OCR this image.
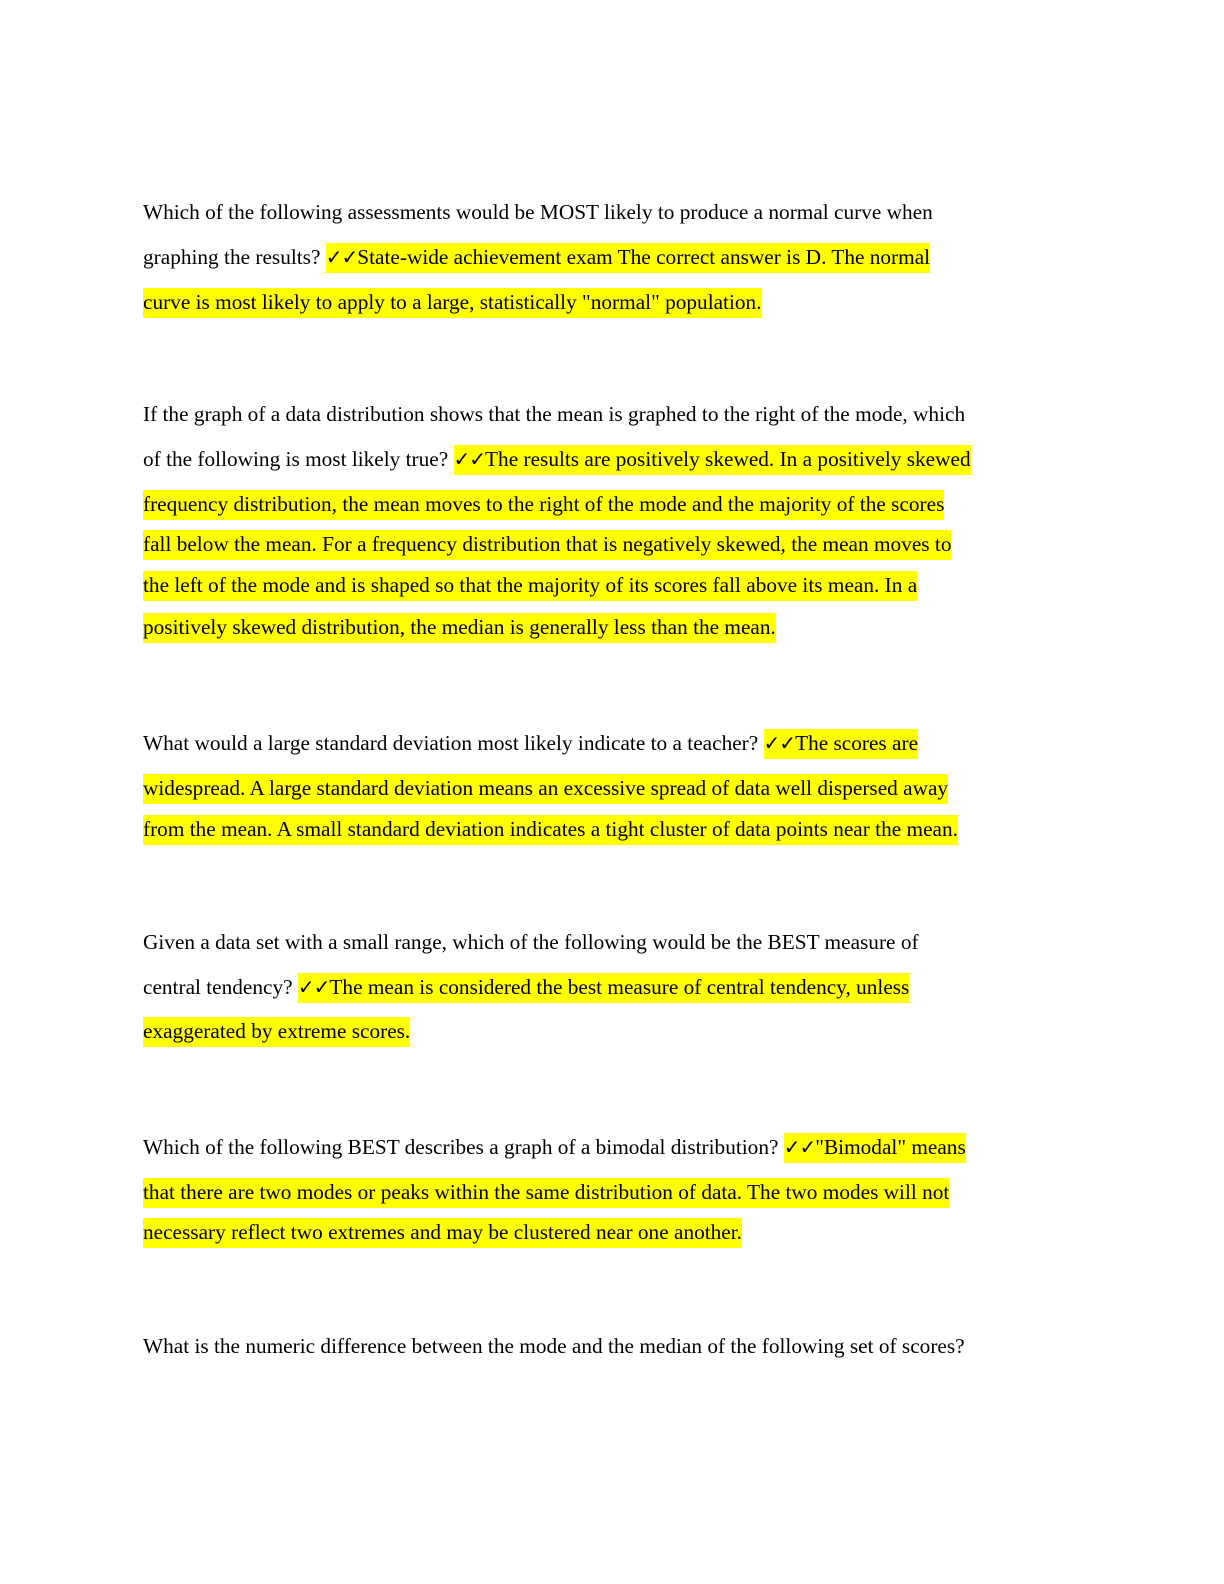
Which of the following assessments would be MOST likely to produce a normal curve when
graphing the results? ✓✓State-wide achievement exam The correct answer is D. The normal
curve is most likely to apply to a large, statistically "normal" population.
If the graph of a data distribution shows that the mean is graphed to the right of the mode, which
of the following is most likely true? ✓✓The results are positively skewed. In a positively skewed
frequency distribution, the mean moves to the right of the mode and the majority of the scores
fall below the mean. For a frequency distribution that is negatively skewed, the mean moves to
the left of the mode and is shaped so that the majority of its scores fall above its mean. In a
positively skewed distribution, the median is generally less than the mean.
What would a large standard deviation most likely indicate to a teacher? ✓✓The scores are
widespread. A large standard deviation means an excessive spread of data well dispersed away
from the mean. A small standard deviation indicates a tight cluster of data points near the mean.
Given a data set with a small range, which of the following would be the BEST measure of
central tendency? ✓✓The mean is considered the best measure of central tendency, unless
exaggerated by extreme scores.
Which of the following BEST describes a graph of a bimodal distribution? ✓✓"Bimodal" means
that there are two modes or peaks within the same distribution of data. The two modes will not
necessary reflect two extremes and may be clustered near one another.
What is the numeric difference between the mode and the median of the following set of scores?
